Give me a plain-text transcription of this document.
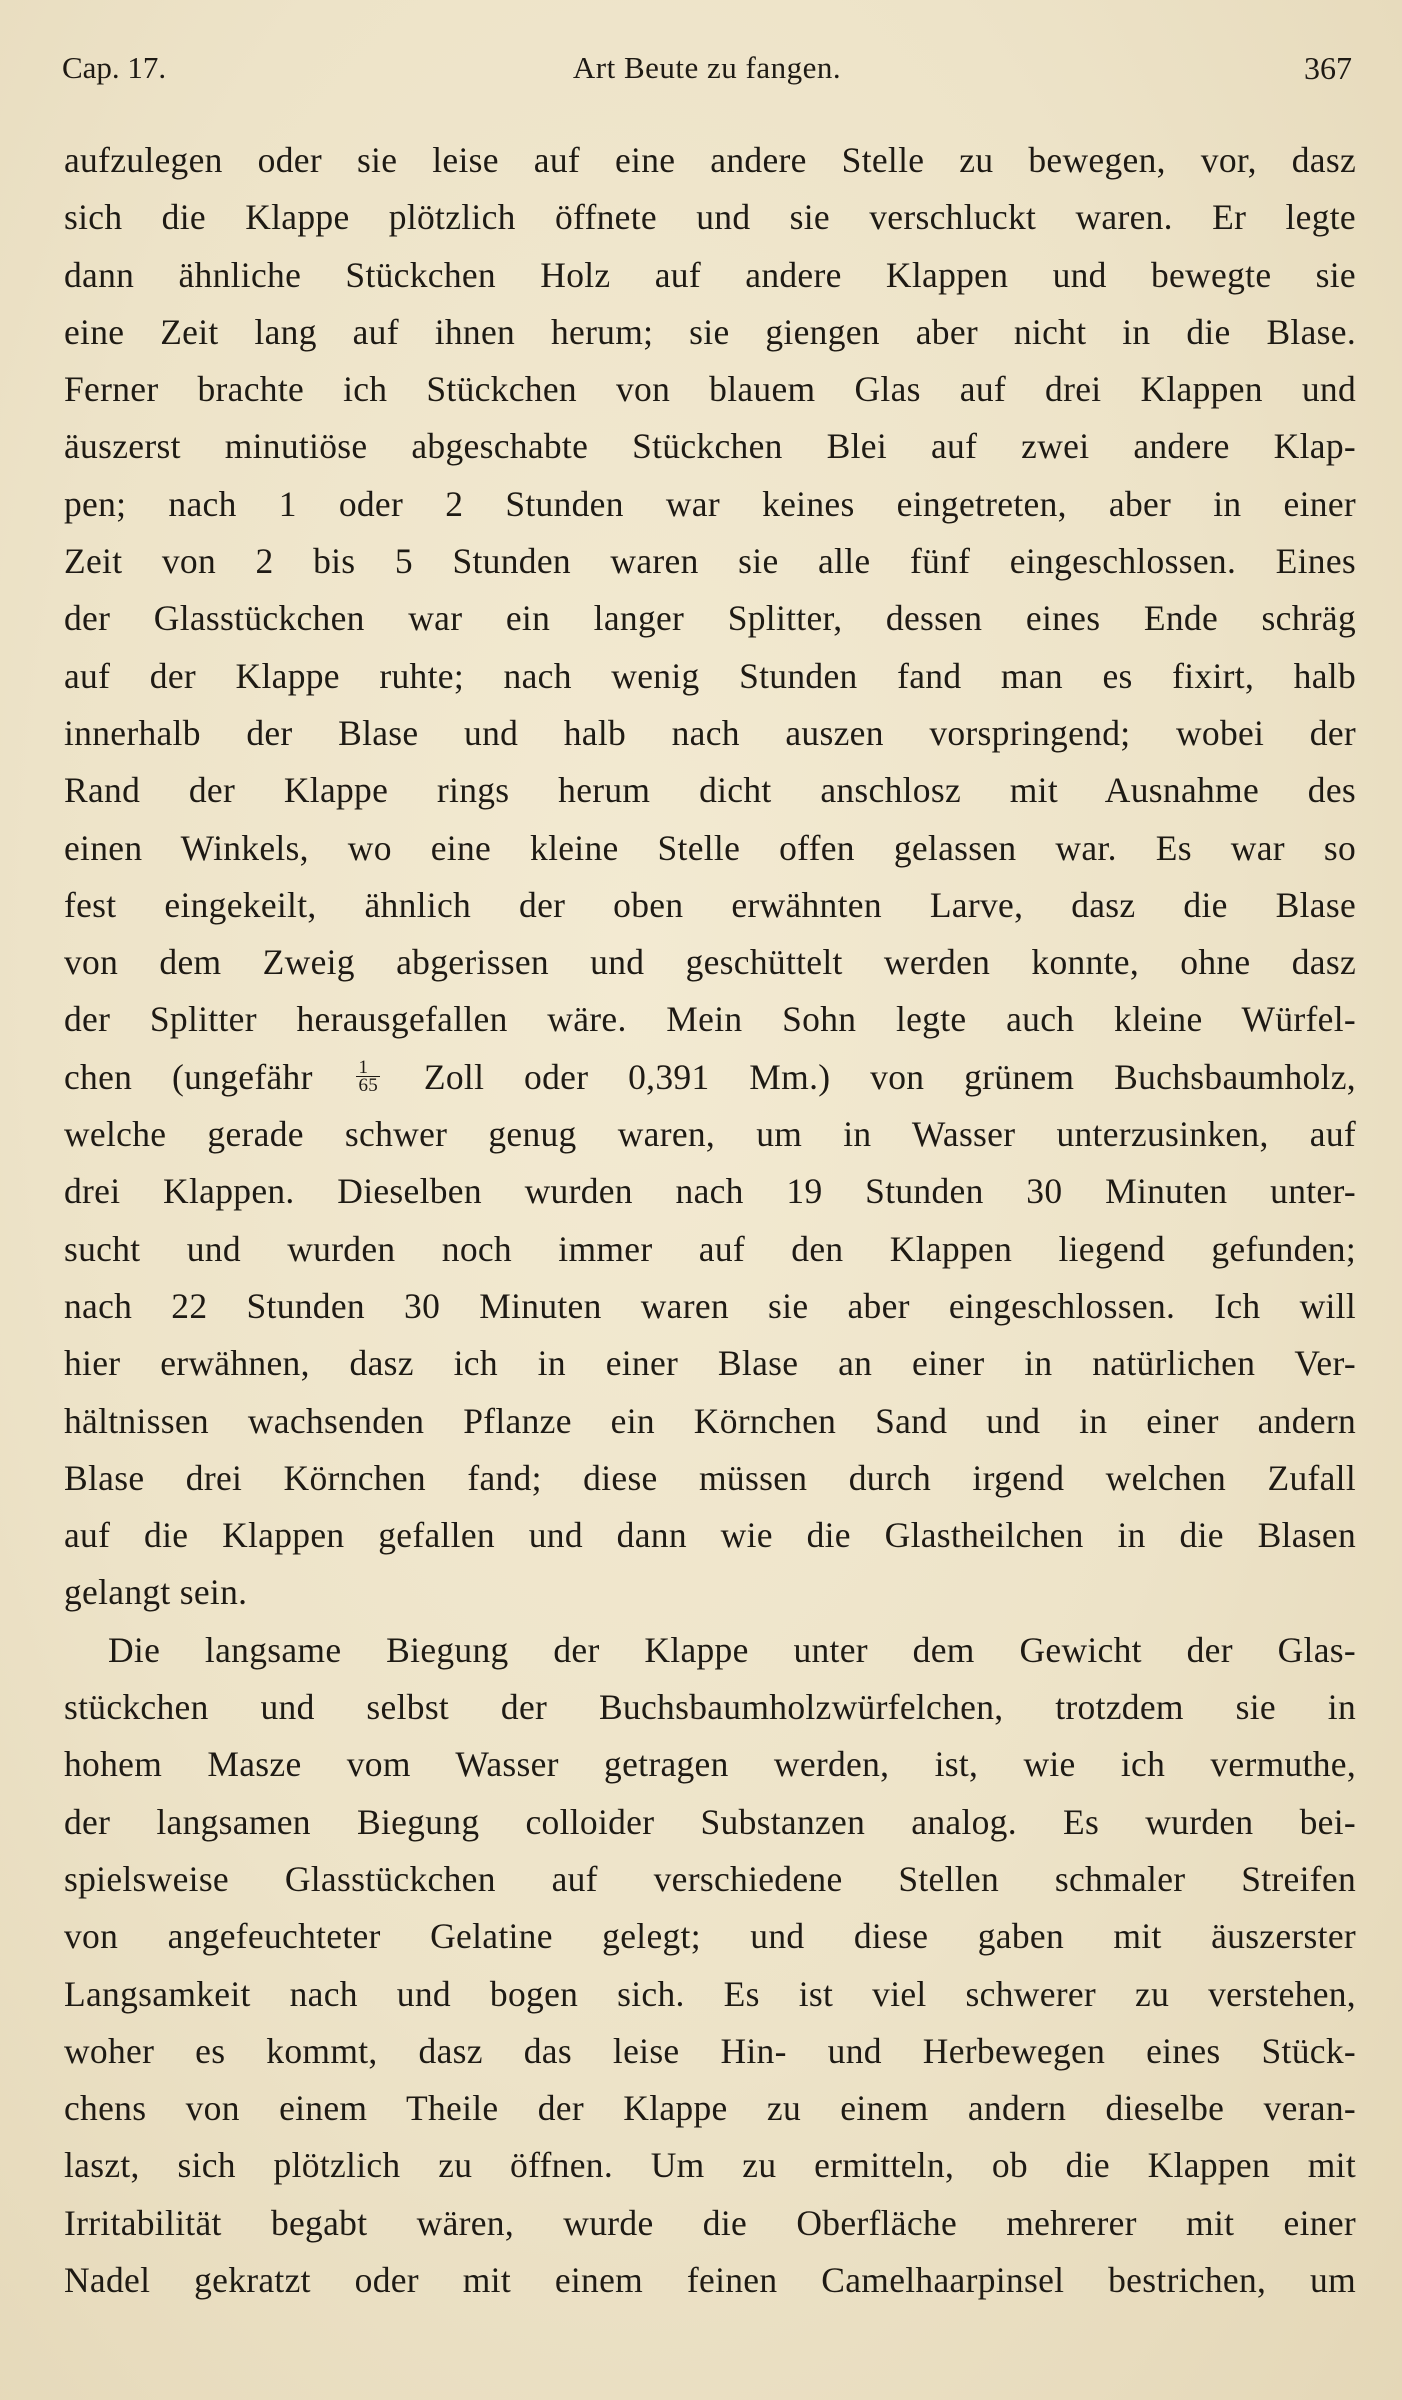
Cap. 17.	Art Beute zu fangen.	367
aufzulegen oder sie leise auf eine andere Stelle zu bewegen, vor, dasz
sich die Klappe plötzlich öffnete und sie verschluckt waren. Er legte
dann ähnliche Stückchen Holz auf andere Klappen und bewegte sie
eine Zeit lang auf ihnen herum; sie giengen aber nicht in die Blase.
Ferner brachte ich Stückchen von blauem Glas auf drei Klappen und
äuszerst minutiöse abgeschabte Stückchen Blei auf zwei andere Klap-
pen; nach 1 oder 2 Stunden war keines eingetreten, aber in einer
Zeit von 2 bis 5 Stunden waren sie alle fünf eingeschlossen. Eines
der Glasstückchen war ein langer Splitter, dessen eines Ende schräg
auf der Klappe ruhte; nach wenig Stunden fand man es fixirt, halb
innerhalb der Blase und halb nach auszen vorspringend; wobei der
Rand der Klappe rings herum dicht anschlosz mit Ausnahme des
einen Winkels, wo eine kleine Stelle offen gelassen war. Es war so
fest eingekeilt, ähnlich der oben erwähnten Larve, dasz die Blase
von dem Zweig abgerissen und geschüttelt werden konnte, ohne dasz
der Splitter herausgefallen wäre. Mein Sohn legte auch kleine Würfel-
chen (ungefähr $\frac{1}{65}$ Zoll oder 0,391 Mm.) von grünem Buchsbaumholz,
welche gerade schwer genug waren, um in Wasser unterzusinken, auf
drei Klappen. Dieselben wurden nach 19 Stunden 30 Minuten unter-
sucht und wurden noch immer auf den Klappen liegend gefunden;
nach 22 Stunden 30 Minuten waren sie aber eingeschlossen. Ich will
hier erwähnen, dasz ich in einer Blase an einer in natürlichen Ver-
hältnissen wachsenden Pflanze ein Körnchen Sand und in einer andern
Blase drei Körnchen fand; diese müssen durch irgend welchen Zufall
auf die Klappen gefallen und dann wie die Glastheilchen in die Blasen
gelangt sein.
Die langsame Biegung der Klappe unter dem Gewicht der Glas-
stückchen und selbst der Buchsbaumholzwürfelchen, trotzdem sie in
hohem Masze vom Wasser getragen werden, ist, wie ich vermuthe,
der langsamen Biegung colloider Substanzen analog. Es wurden bei-
spielsweise Glasstückchen auf verschiedene Stellen schmaler Streifen
von angefeuchteter Gelatine gelegt; und diese gaben mit äuszerster
Langsamkeit nach und bogen sich. Es ist viel schwerer zu verstehen,
woher es kommt, dasz das leise Hin- und Herbewegen eines Stück-
chens von einem Theile der Klappe zu einem andern dieselbe veran-
laszt, sich plötzlich zu öffnen. Um zu ermitteln, ob die Klappen mit
Irritabilität begabt wären, wurde die Oberfläche mehrerer mit einer
Nadel gekratzt oder mit einem feinen Camelhaarpinsel bestrichen, um
